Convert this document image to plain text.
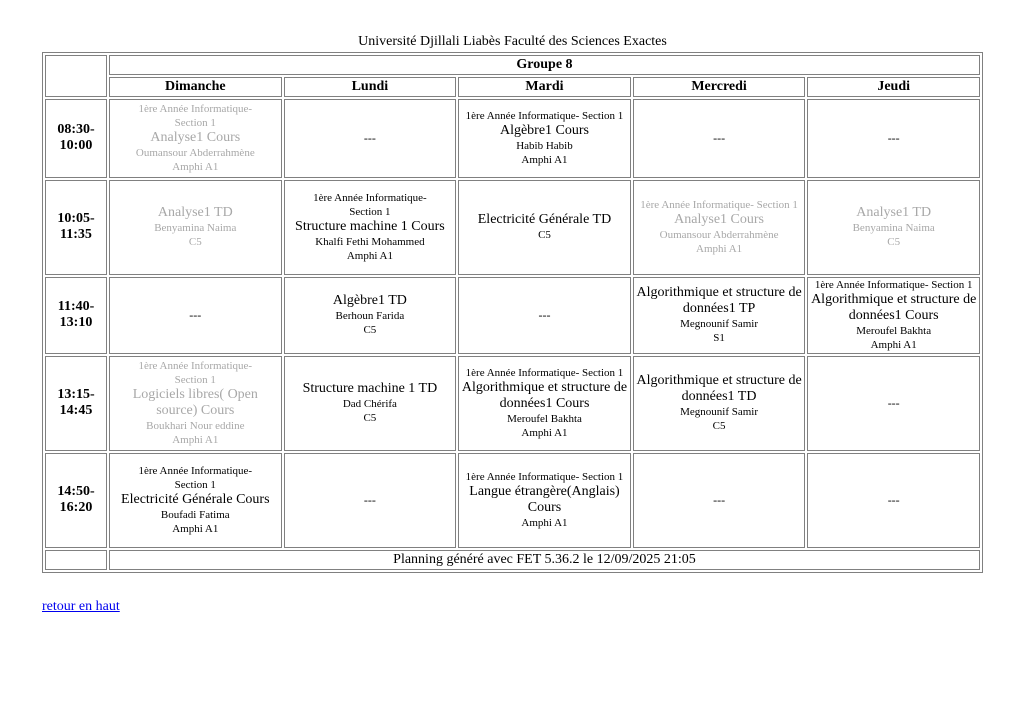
Université Djillali Liabès Faculté des Sciences Exactes
	Groupe 8				
	Dimanche	Lundi	Mardi	Mercredi	Jeudi

08:30-
10:00	1ère Année Informatique-
Section 1
Analyse1 Cours
Oumansour Abderrahmène
Amphi A1	---	1ère Année Informatique- Section 1
Algèbre1 Cours
Habib Habib
Amphi A1	---	---

10:05-
11:35	Analyse1 TD
Benyamina Naima
C5	1ère Année Informatique-
Section 1
Structure machine 1 Cours
Khalfi Fethi Mohammed
Amphi A1	Electricité Générale TD
C5	1ère Année Informatique- Section 1
Analyse1 Cours
Oumansour Abderrahmène
Amphi A1	Analyse1 TD
Benyamina Naima
C5

11:40-
13:10	---	Algèbre1 TD
Berhoun Farida
C5	---	Algorithmique et structure de données1 TP
Megnounif Samir
S1	1ère Année Informatique- Section 1
Algorithmique et structure de données1 Cours
Meroufel Bakhta
Amphi A1

13:15-
14:45	1ère Année Informatique-
Section 1
Logiciels libres( Open source) Cours
Boukhari Nour eddine
Amphi A1	Structure machine 1 TD
Dad Chérifa
C5	1ère Année Informatique- Section 1
Algorithmique et structure de données1 Cours
Meroufel Bakhta
Amphi A1	Algorithmique et structure de données1 TD
Megnounif Samir
C5	---

14:50-
16:20	1ère Année Informatique-
Section 1
Electricité Générale Cours
Boufadi Fatima
Amphi A1	---	1ère Année Informatique- Section 1
Langue étrangère(Anglais) Cours
Amphi A1	---	---
	Planning généré avec FET 5.36.2 le 12/09/2025 21:05				
retour en haut
